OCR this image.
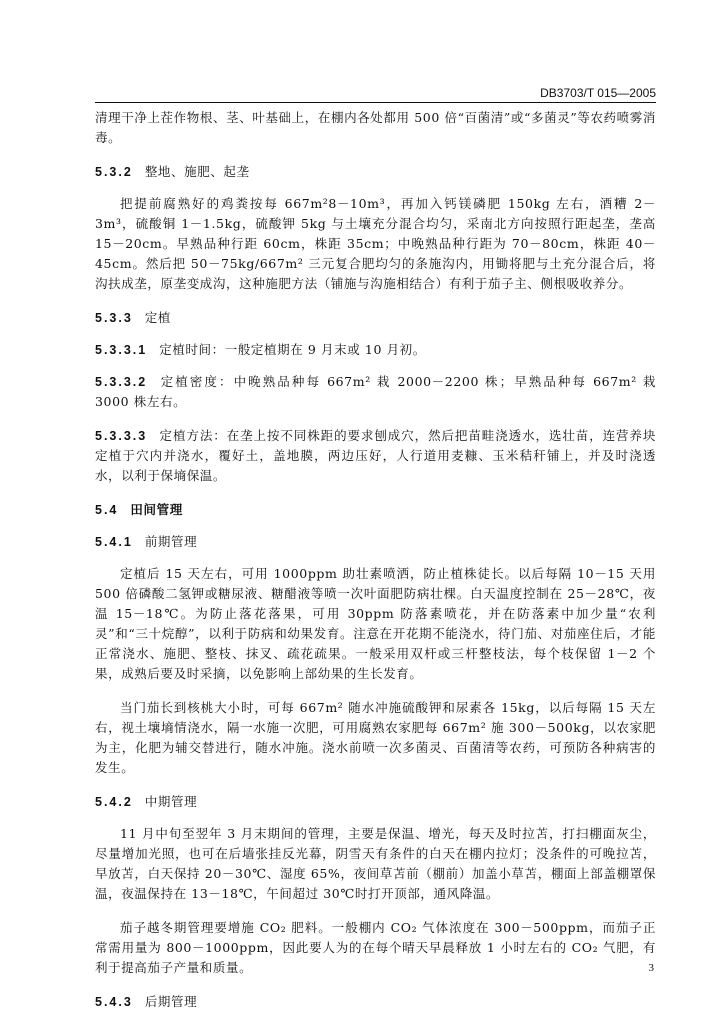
DB3703/T 015—2005

清理干净上茬作物根、茎、叶基础上，在棚内各处都用 500 倍“百菌清”或“多菌灵”等农药喷雾消毒。

5.3.2 整地、施肥、起垄

把提前腐熟好的鸡粪按每 667m²8－10m³，再加入钙镁磷肥 150kg 左右，酒糟 2－3m³，硫酸铜 1－1.5kg，硫酸钾 5kg 与土壤充分混合均匀，采南北方向按照行距起垄，垄高 15－20cm。早熟品种行距 60cm，株距 35cm；中晚熟品种行距为 70－80cm，株距 40－45cm。然后把 50－75kg/667m² 三元复合肥均匀的条施沟内，用锄将肥与土充分混合后，将沟扶成垄，原垄变成沟，这种施肥方法（铺施与沟施相结合）有利于茄子主、侧根吸收养分。

5.3.3 定植
5.3.3.1 定植时间：一般定植期在 9 月末或 10 月初。

5.3.3.2 定植密度：中晚熟品种每 667m² 栽 2000－2200 株；早熟品种每 667m² 栽 3000 株左右。

5.3.3.3 定植方法：在垄上按不同株距的要求刨成穴，然后把苗畦浇透水，选壮苗，连营养块定植于穴内并浇水，覆好土，盖地膜，两边压好，人行道用麦糠、玉米秸秆铺上，并及时浇透水，以利于保墒保温。

5.4 田间管理
5.4.1 前期管理

定植后 15 天左右，可用 1000ppm 助壮素喷洒，防止植株徒长。以后每隔 10－15 天用 500 倍磷酸二氢钾或糖尿液、糖醋液等喷一次叶面肥防病壮棵。白天温度控制在 25－28℃，夜温 15－18℃。为防止落花落果，可用 30ppm 防落素喷花，并在防落素中加少量“农利灵”和“三十烷醇”，以利于防病和幼果发育。注意在开花期不能浇水，待门茄、对茄座住后，才能正常浇水、施肥、整枝、抹叉、疏花疏果。一般采用双杆或三杆整枝法，每个枝保留 1－2 个果，成熟后要及时采摘，以免影响上部幼果的生长发育。

当门茄长到核桃大小时，可每 667m² 随水冲施硫酸钾和尿素各 15kg，以后每隔 15 天左右，视土壤墒情浇水，隔一水施一次肥，可用腐熟农家肥每 667m² 施 300－500kg，以农家肥为主，化肥为辅交替进行，随水冲施。浇水前喷一次多菌灵、百菌清等农药，可预防各种病害的发生。

5.4.2 中期管理

11 月中旬至翌年 3 月末期间的管理，主要是保温、增光，每天及时拉苫，打扫棚面灰尘，尽量增加光照，也可在后墙张挂反光幕，阴雪天有条件的白天在棚内拉灯；没条件的可晚拉苫，早放苫，白天保持 20－30℃、湿度 65%，夜间草苫前（棚前）加盖小草苫，棚面上部盖棚罩保温，夜温保持在 13－18℃，午间超过 30℃时打开顶部，通风降温。

茄子越冬期管理要增施 CO₂ 肥料。一般棚内 CO₂ 气体浓度在 300－500ppm，而茄子正常需用量为 800－1000ppm，因此要人为的在每个晴天早晨释放 1 小时左右的 CO₂ 气肥，有利于提高茄子产量和质量。

5.4.3 后期管理
3
